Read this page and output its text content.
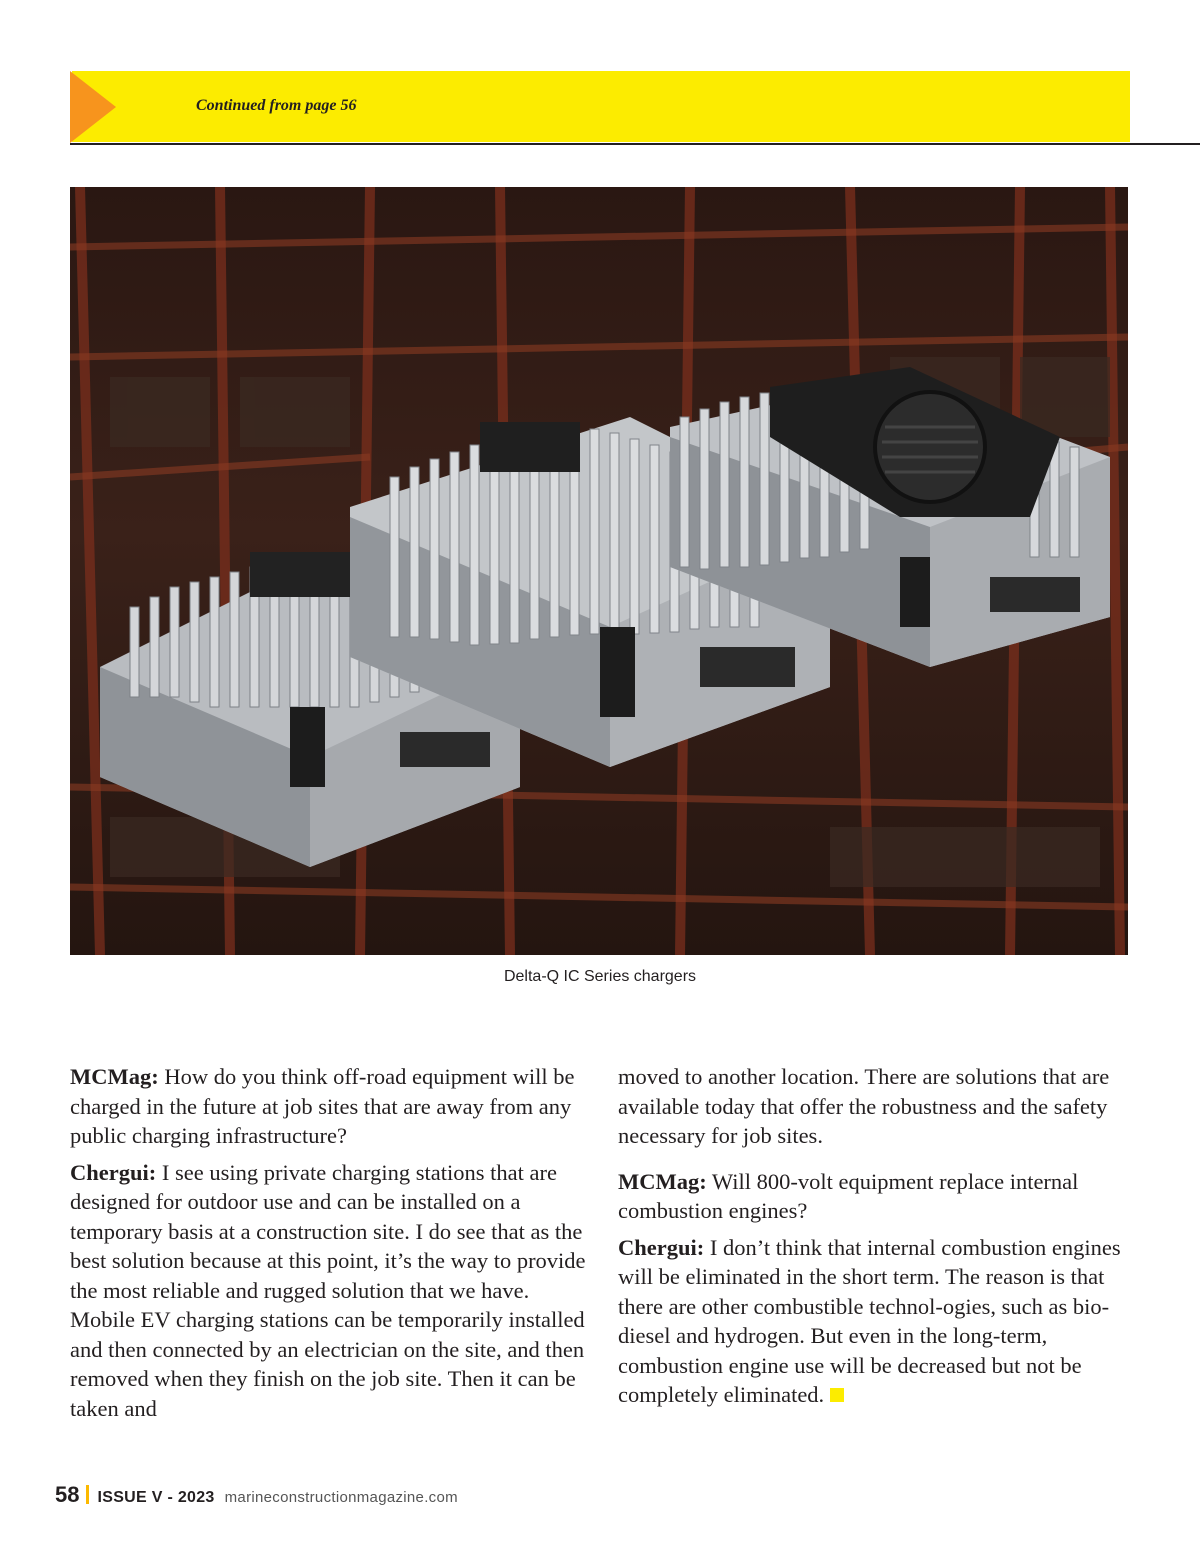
Continued from page 56
Delta-Q IC Series chargers

MCMag: How do you think off-road equipment will be charged in the future at job sites that are away from any public charging infrastructure?

Chergui: I see using private charging stations that are designed for outdoor use and can be installed on a temporary basis at a construction site. I do see that as the best solution because at this point, it’s the way to provide the most reliable and rugged solution that we have. Mobile EV charging stations can be temporarily installed and then connected by an electrician on the site, and then removed when they finish on the job site. Then it can be taken and

moved to another location. There are solutions that are available today that offer the robustness and the safety necessary for job sites.

MCMag: Will 800-volt equipment replace internal combustion engines?

Chergui: I don’t think that internal combustion engines will be eliminated in the short term. The reason is that there are other combustible technol-ogies, such as bio-diesel and hydrogen. But even in the long-term, combustion engine use will be decreased but not be completely eliminated.

58 ISSUE V - 2023 marineconstructionmagazine.com
